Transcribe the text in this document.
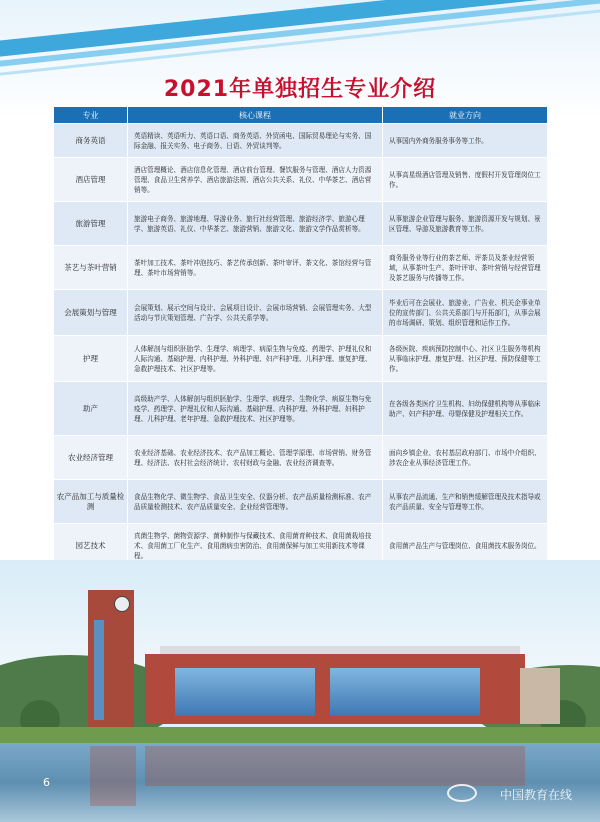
2021年单独招生专业介绍
专业	核心课程	就业方向
商务英语	英语精读、英语听力、英语口语、商务英语、外贸函电、国际贸易理论与实务、国际金融、报关实务、电子商务、日语、外贸谈判等。	从事国内外商务服务事务等工作。
酒店管理	酒店管理概论、酒店信息化管理、酒店前台管理、餐饮服务与管理、酒店人力资源管理、食品卫生营养学、酒店旅游法规、酒店公共关系、礼仪、中华茶艺、酒店营销等。	从事高星级酒店管理及销售、度假村开发管理岗位工作。
旅游管理	旅游电子商务、旅游地理、导游业务、旅行社经营管理、旅游经济学、旅游心理学、旅游英语、礼仪、中华茶艺、旅游营销、旅游文化、旅游文学作品赏析等。	从事旅游企业管理与服务、旅游资源开发与规划、景区管理、导游及旅游教育等工作。
茶艺与茶叶营销	茶叶加工技术、茶叶冲泡技巧、茶艺传承创新、茶叶审评、茶文化、茶馆经营与管理、茶叶市场营销等。	商务服务业等行业的茶艺师、评茶员及茶业经营领域，从事茶叶生产、茶叶评审、茶叶营销与经营管理及茶艺服务与传播等工作。
会展策划与管理	会展策划、展示空间与设计、会展项目设计、会展市场营销、会展管理实务、大型活动与节庆策划管理、广告学、公共关系学等。	毕业后可在会展业、旅游业、广告业、机关企事业单位的宣传部门、公共关系部门与开拓部门，从事会展的市场调研、策划、组织管理和运作工作。
护理	人体解剖与组织胚胎学、生理学、病理学、病原生物与免疫、药理学、护理礼仪和人际沟通、基础护理、内科护理、外科护理、妇产科护理、儿科护理、康复护理、急救护理技术、社区护理等。	各级医院、疾病预防控制中心、社区卫生服务等机构从事临床护理、康复护理、社区护理、预防保健等工作。
助产	高级助产学、人体解剖与组织胚胎学、生理学、病理学、生物化学、病原生物与免疫学、药理学、护理礼仪和人际沟通、基础护理、内科护理、外科护理、妇科护理、儿科护理、老年护理、急救护理技术、社区护理等。	在各级各类医疗卫生机构、妇幼保健机构等从事临床助产、妇产科护理、母婴保健及护理相关工作。
农业经济管理	农业经济基础、农业经济技术、农产品加工概论、管理学原理、市场营销、财务管理、经济法、农村社会经济统计、农村财政与金融、农业经济调查等。	面向乡镇企业、农村基层政府部门、市场中介组织、涉农企业从事经济管理工作。
农产品加工与质量检测	食品生物化学、微生物学、食品卫生安全、仪器分析、农产品质量检测标准、农产品质量检测技术、农产品质量安全、企业经营管理等。	从事农产品流通、生产和销售缓解管理及技术指导或农产品质量、安全与管理等工作。
园艺技术	真菌生物学、菌物资源学、菌种制作与保藏技术、食用菌育种技术、食用菌栽培技术、食用菌工厂化生产、食用菌病虫害防治、食用菌保鲜与加工实用新技术等课程。	食用菌产品生产与管理岗位、食用菌技术服务岗位。
6
中国教育在线
